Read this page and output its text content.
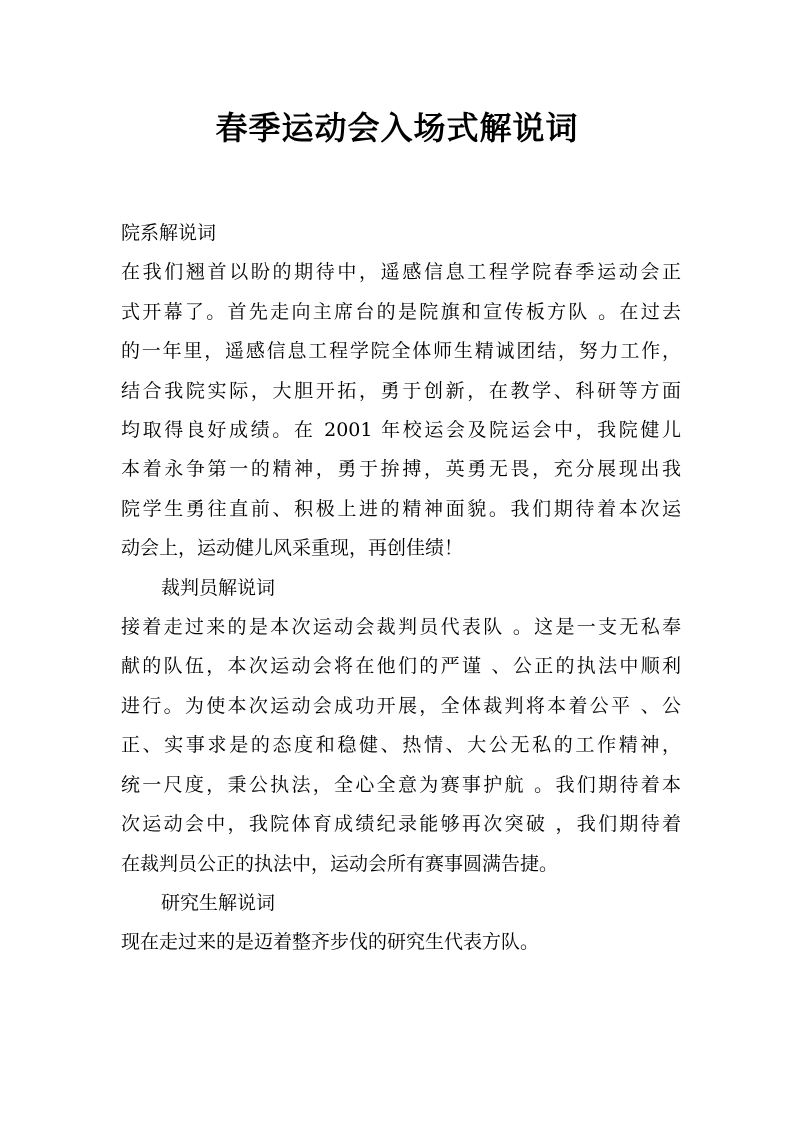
春季运动会入场式解说词
院系解说词
在我们翘首以盼的期待中，遥感信息工程学院春季运动会正
式开幕了。首先走向主席台的是院旗和宣传板方队 。在过去
的一年里，遥感信息工程学院全体师生精诚团结，努力工作，
结合我院实际，大胆开拓，勇于创新，在教学、科研等方面
均取得良好成绩。在 2001 年校运会及院运会中，我院健儿
本着永争第一的精神，勇于拚搏，英勇无畏，充分展现出我
院学生勇往直前、积极上进的精神面貌。我们期待着本次运
动会上，运动健儿风采重现，再创佳绩！
裁判员解说词
接着走过来的是本次运动会裁判员代表队 。这是一支无私奉
献的队伍，本次运动会将在他们的严谨 、公正的执法中顺利
进行。为使本次运动会成功开展，全体裁判将本着公平 、公
正、实事求是的态度和稳健、热情、大公无私的工作精神，
统一尺度，秉公执法，全心全意为赛事护航 。我们期待着本
次运动会中，我院体育成绩纪录能够再次突破 ，我们期待着
在裁判员公正的执法中，运动会所有赛事圆满告捷。
研究生解说词
现在走过来的是迈着整齐步伐的研究生代表方队。
